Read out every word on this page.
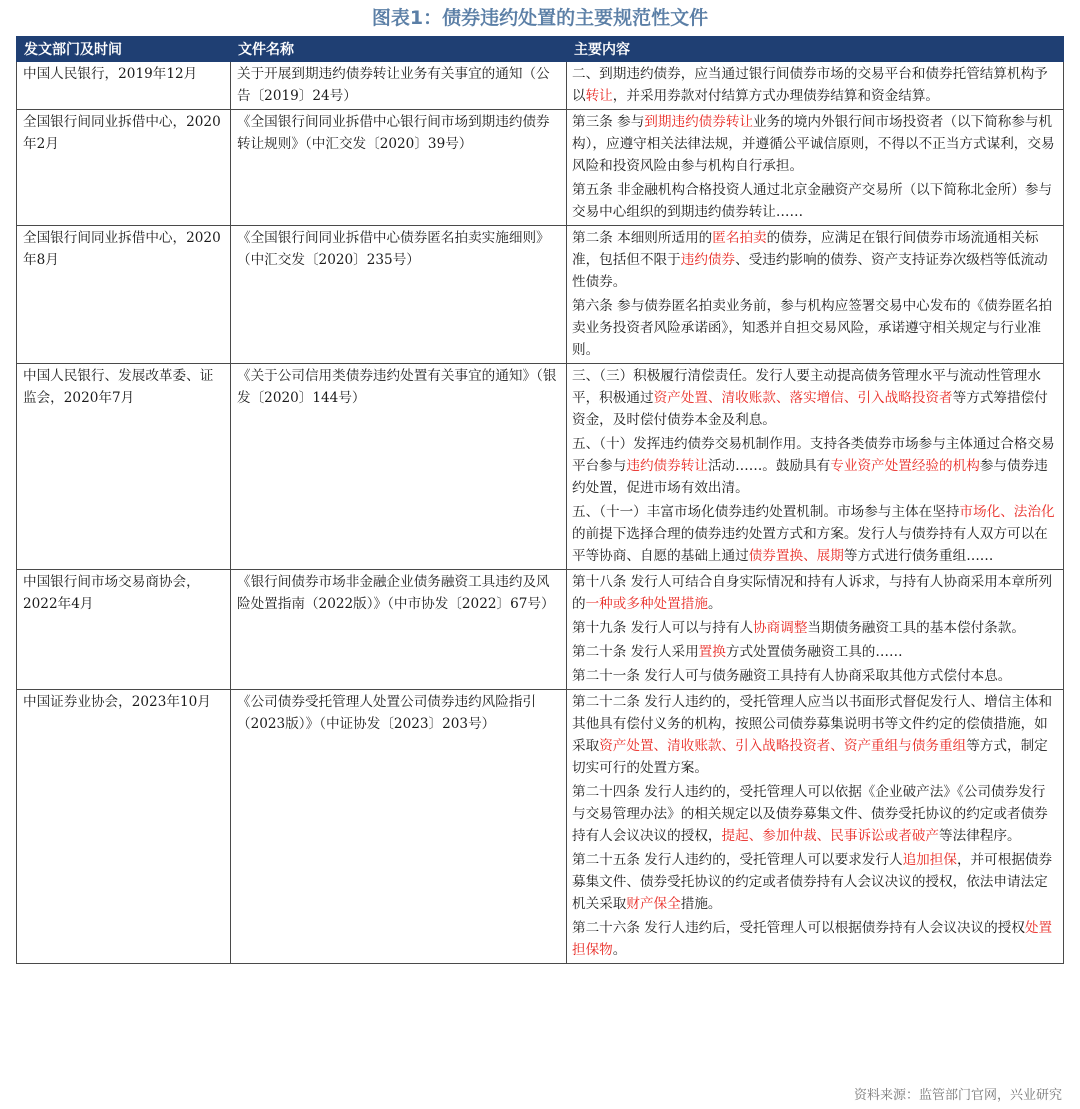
图表1：债券违约处置的主要规范性文件
发文部门及时间	文件名称	主要内容
中国人民银行，2019年12月	关于开展到期违约债券转让业务有关事宜的通知（公告〔2019〕24号）	二、到期违约债券，应当通过银行间债券市场的交易平台和债券托管结算机构予以转让，并采用券款对付结算方式办理债券结算和资金结算。

全国银行间同业拆借中心，2020年2月	《全国银行间同业拆借中心银行间市场到期违约债券转让规则》（中汇交发〔2020〕39号）	第三条 参与到期违约债券转让业务的境内外银行间市场投资者（以下简称参与机构），应遵守相关法律法规，并遵循公平诚信原则，不得以不正当方式谋利，交易风险和投资风险由参与机构自行承担。

第五条 非金融机构合格投资人通过北京金融资产交易所（以下简称北金所）参与交易中心组织的到期违约债券转让……

全国银行间同业拆借中心，2020年8月	《全国银行间同业拆借中心债券匿名拍卖实施细则》（中汇交发〔2020〕235号）	第二条 本细则所适用的匿名拍卖的债券，应满足在银行间债券市场流通相关标准，包括但不限于违约债券、受违约影响的债券、资产支持证券次级档等低流动性债券。

第六条 参与债券匿名拍卖业务前，参与机构应签署交易中心发布的《债券匿名拍卖业务投资者风险承诺函》，知悉并自担交易风险，承诺遵守相关规定与行业准则。

中国人民银行、发展改革委、证监会，2020年7月	《关于公司信用类债券违约处置有关事宜的通知》（银发〔2020〕144号）	三、（三）积极履行清偿责任。发行人要主动提高债务管理水平与流动性管理水平，积极通过资产处置、清收账款、落实增信、引入战略投资者等方式筹措偿付资金，及时偿付债券本金及利息。

五、（十）发挥违约债券交易机制作用。支持各类债券市场参与主体通过合格交易平台参与违约债券转让活动……。鼓励具有专业资产处置经验的机构参与债券违约处置，促进市场有效出清。

五、（十一）丰富市场化债券违约处置机制。市场参与主体在坚持市场化、法治化的前提下选择合理的债券违约处置方式和方案。发行人与债券持有人双方可以在平等协商、自愿的基础上通过债券置换、展期等方式进行债务重组……

中国银行间市场交易商协会，2022年4月	《银行间债券市场非金融企业债务融资工具违约及风险处置指南（2022版）》（中市协发〔2022〕67号）	第十八条 发行人可结合自身实际情况和持有人诉求，与持有人协商采用本章所列的一种或多种处置措施。

第十九条 发行人可以与持有人协商调整当期债务融资工具的基本偿付条款。

第二十条 发行人采用置换方式处置债务融资工具的……

第二十一条 发行人可与债务融资工具持有人协商采取其他方式偿付本息。

中国证券业协会，2023年10月	《公司债券受托管理人处置公司债券违约风险指引（2023版）》（中证协发〔2023〕203号）	第二十二条 发行人违约的，受托管理人应当以书面形式督促发行人、增信主体和其他具有偿付义务的机构，按照公司债券募集说明书等文件约定的偿债措施，如采取资产处置、清收账款、引入战略投资者、资产重组与债务重组等方式，制定切实可行的处置方案。

第二十四条 发行人违约的，受托管理人可以依据《企业破产法》《公司债券发行与交易管理办法》的相关规定以及债券募集文件、债券受托协议的约定或者债券持有人会议决议的授权，提起、参加仲裁、民事诉讼或者破产等法律程序。

第二十五条 发行人违约的，受托管理人可以要求发行人追加担保，并可根据债券募集文件、债券受托协议的约定或者债券持有人会议决议的授权，依法申请法定机关采取财产保全措施。

第二十六条 发行人违约后，受托管理人可以根据债券持有人会议决议的授权处置担保物。

资料来源：监管部门官网，兴业研究
